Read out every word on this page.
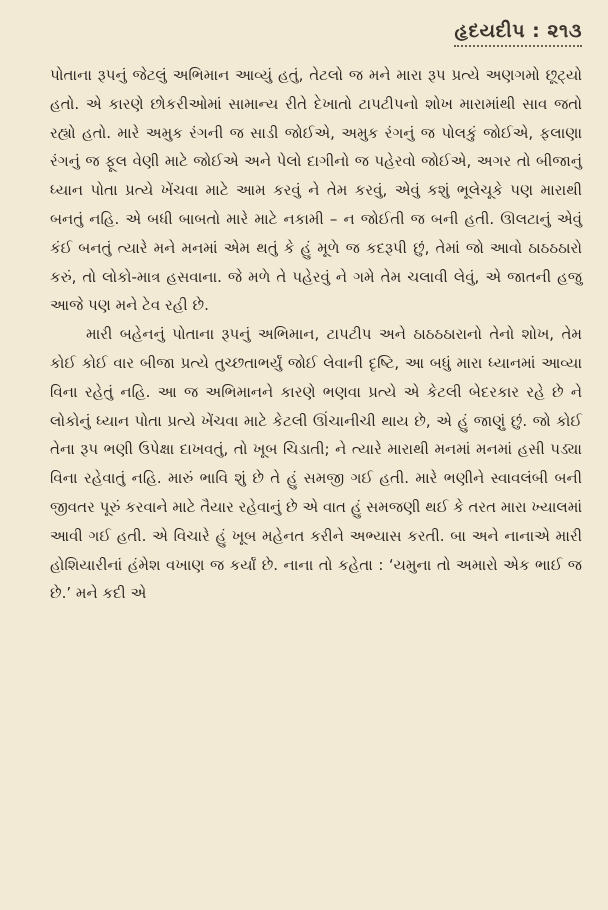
હૃદયદીપ : ૨૧૩

પોતાના રૂપનું જેટલું અભિમાન આવ્યું હતું, તેટલો જ મને મારા રૂપ પ્રત્યે અણગમો છૂટ્યો હતો. એ કારણે છોકરીઓમાં સામાન્ય રીતે દેખાતો ટાપટીપનો શોખ મારામાંથી સાવ જતો રહ્યો હતો. મારે અમુક રંગની જ સાડી જોઈએ, અમુક રંગનું જ પોલકું જોઈએ, ફલાણા રંગનું જ ફૂલ વેણી માટે જોઈએ અને પેલો દાગીનો જ પહેરવો જોઈએ, અગર તો બીજાનું ધ્યાન પોતા પ્રત્યે ખેંચવા માટે આમ કરવું ને તેમ કરવું, એવું કશું ભૂલેચૂકે પણ મારાથી બનતું નહિ. એ બધી બાબતો મારે માટે નકામી – ન જોઈતી જ બની હતી. ઊલટાનું એવું કંઈ બનતું ત્યારે મને મનમાં એમ થતું કે હું મૂળે જ કદરૂપી છું, તેમાં જો આવો ઠાઠઠઠારો કરું, તો લોકો-માત્ર હસવાના. જે મળે તે પહેરવું ને ગમે તેમ ચલાવી લેવું, એ જાતની હજુ આજે પણ મને ટેવ રહી છે.

મારી બહેનનું પોતાના રૂપનું અભિમાન, ટાપટીપ અને ઠાઠઠઠારાનો તેનો શોખ, તેમ કોઈ કોઈ વાર બીજા પ્રત્યે તુચ્છતાભર્યું જોઈ લેવાની દૃષ્ટિ, આ બધું મારા ધ્યાનમાં આવ્યા વિના રહેતું નહિ. આ જ અભિમાનને કારણે ભણવા પ્રત્યે એ કેટલી બેદરકાર રહે છે ને લોકોનું ધ્યાન પોતા પ્રત્યે ખેંચવા માટે કેટલી ઊંચાનીચી થાય છે, એ હું જાણું છું. જો કોઈ તેના રૂપ ભણી ઉપેક્ષા દાખવતું, તો ખૂબ ચિડાતી; ને ત્યારે મારાથી મનમાં મનમાં હસી પડ્યા વિના રહેવાતું નહિ. મારું ભાવિ શું છે તે હું સમજી ગઈ હતી. મારે ભણીને સ્વાવલંબી બની જીવતર પૂરું કરવાને માટે તૈયાર રહેવાનું છે એ વાત હું સમજણી થઈ કે તરત મારા ખ્યાલમાં આવી ગઈ હતી. એ વિચારે હું ખૂબ મહેનત કરીને અભ્યાસ કરતી. બા અને નાનાએ મારી હોશિયારીનાં હંમેશ વખાણ જ કર્યાં છે. નાના તો કહેતા : ‘યમુના તો અમારો એક ભાઈ જ છે.’ મને કદી એ
